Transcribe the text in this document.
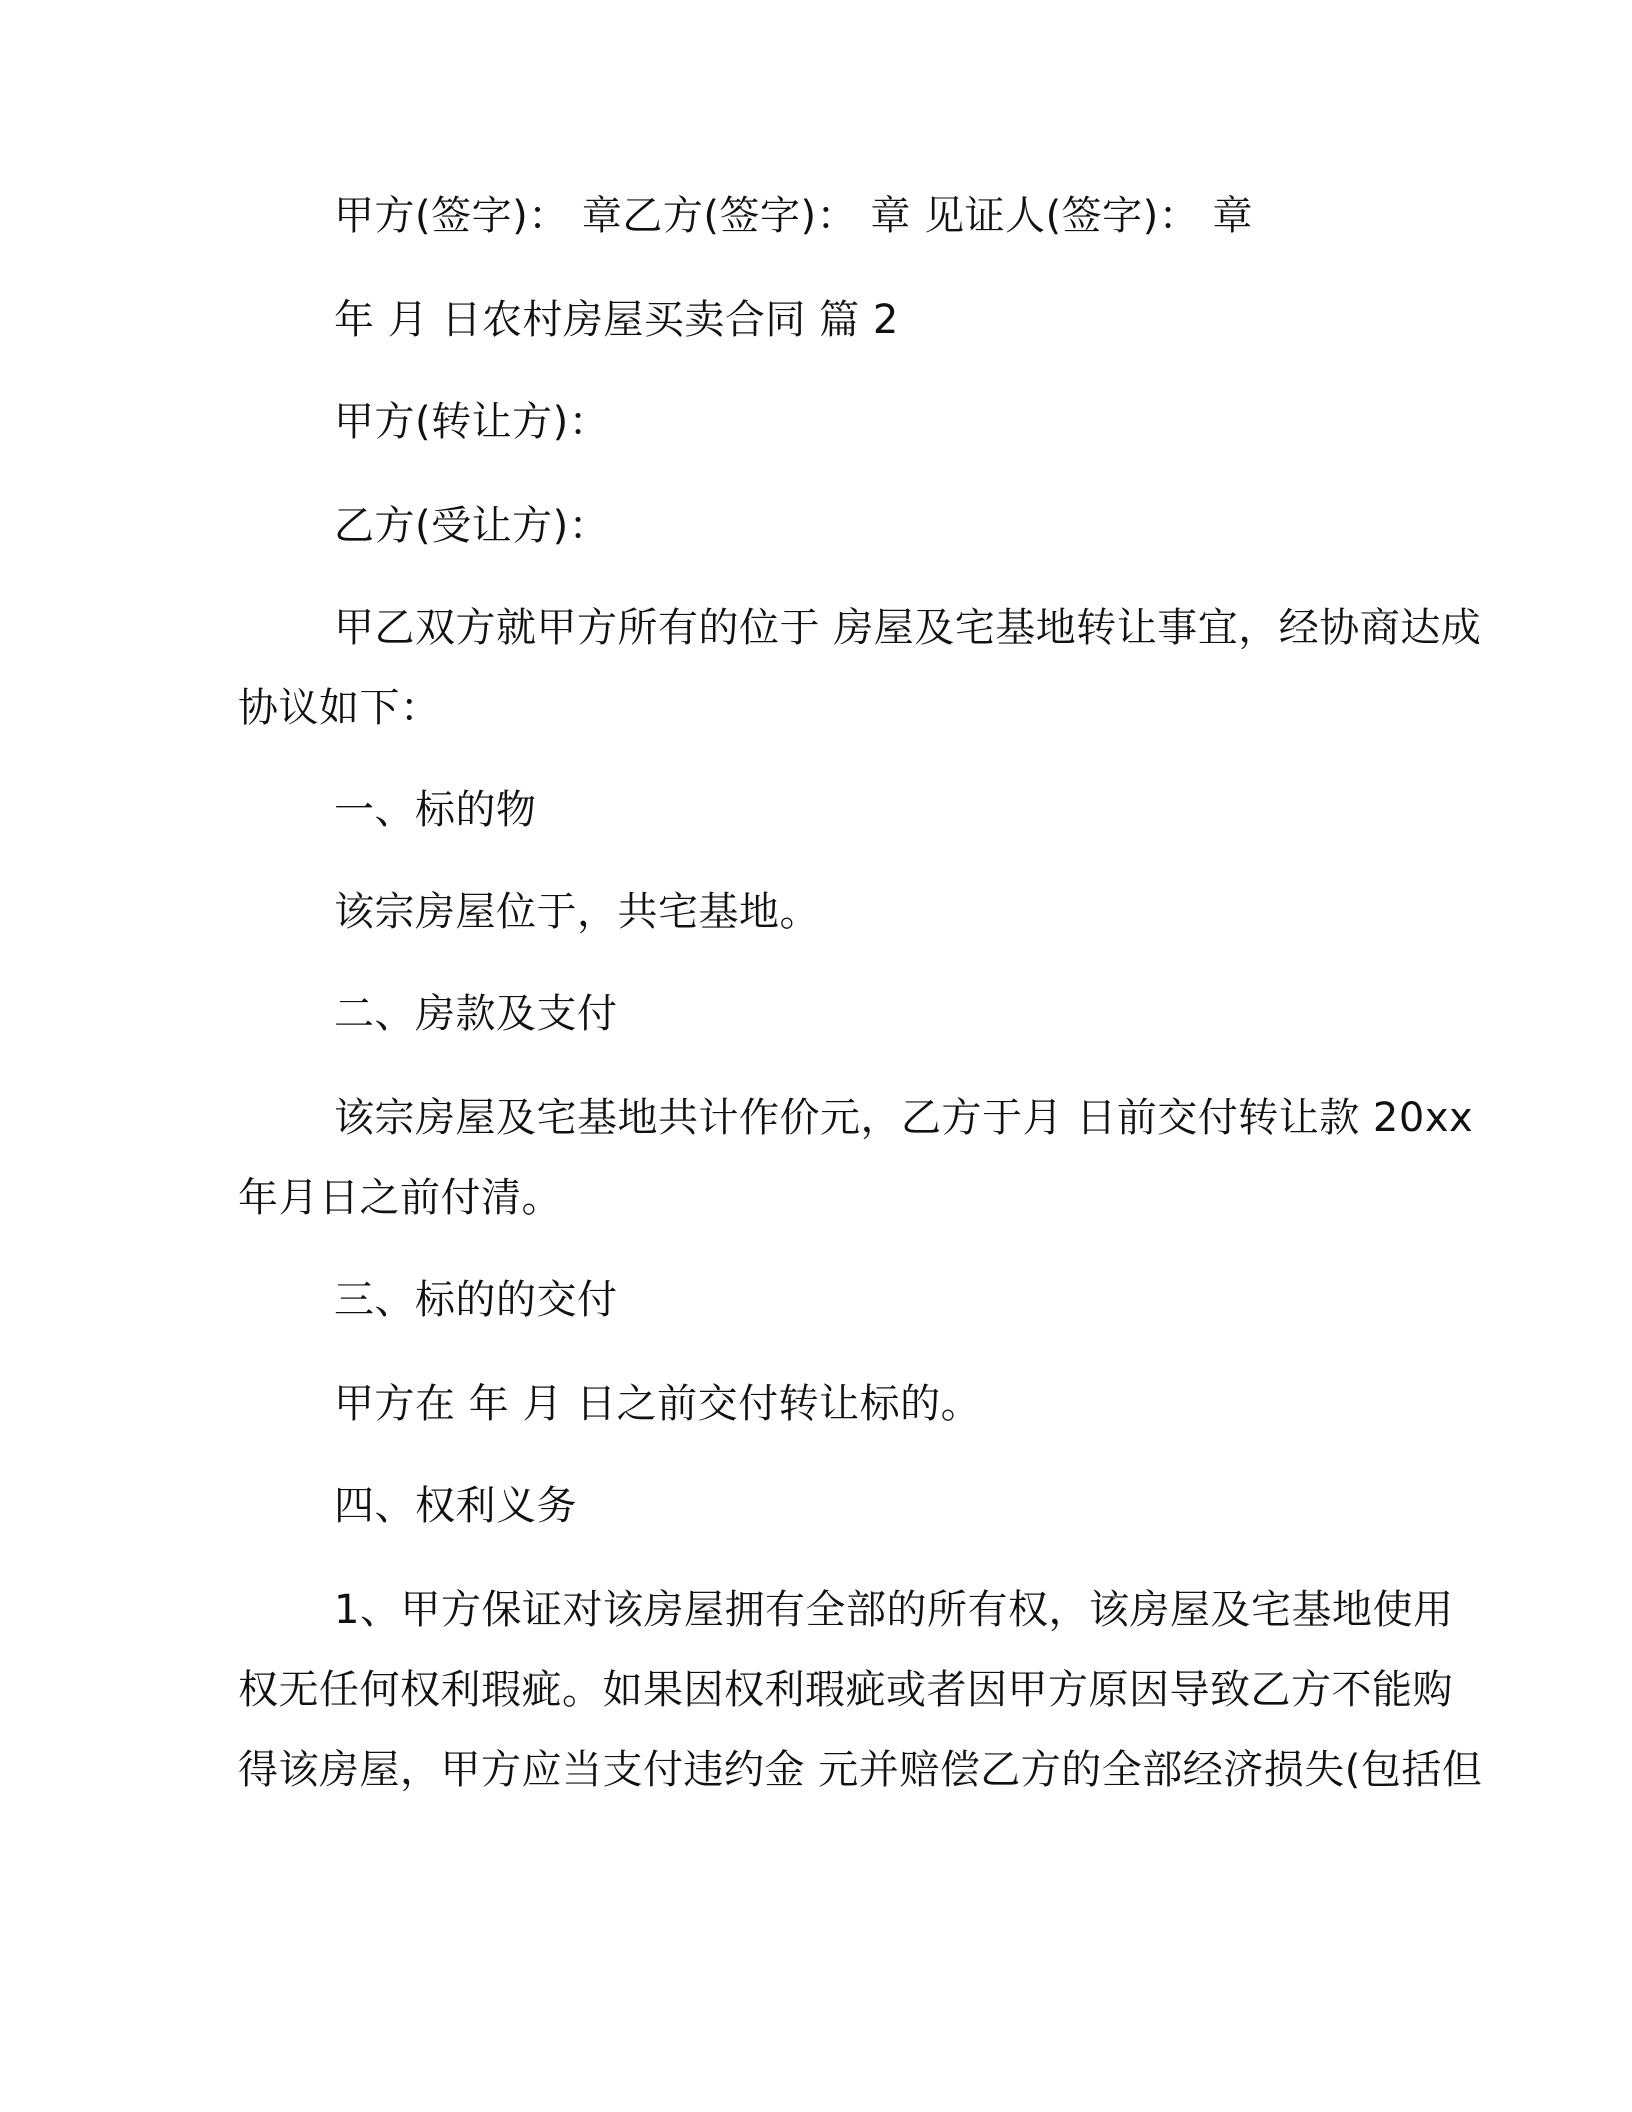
甲方(签字)： 章乙方(签字)： 章 见证人(签字)： 章
年 月 日农村房屋买卖合同 篇 2
甲方(转让方)：
乙方(受让方)：
甲乙双方就甲方所有的位于 房屋及宅基地转让事宜，经协商达成
协议如下：
一、标的物
该宗房屋位于，共宅基地。
二、房款及支付
该宗房屋及宅基地共计作价元，乙方于月 日前交付转让款 20xx
年月日之前付清。
三、标的的交付
甲方在 年 月 日之前交付转让标的。
四、权利义务
1、甲方保证对该房屋拥有全部的所有权，该房屋及宅基地使用
权无任何权利瑕疵。如果因权利瑕疵或者因甲方原因导致乙方不能购
得该房屋，甲方应当支付违约金 元并赔偿乙方的全部经济损失(包括但
